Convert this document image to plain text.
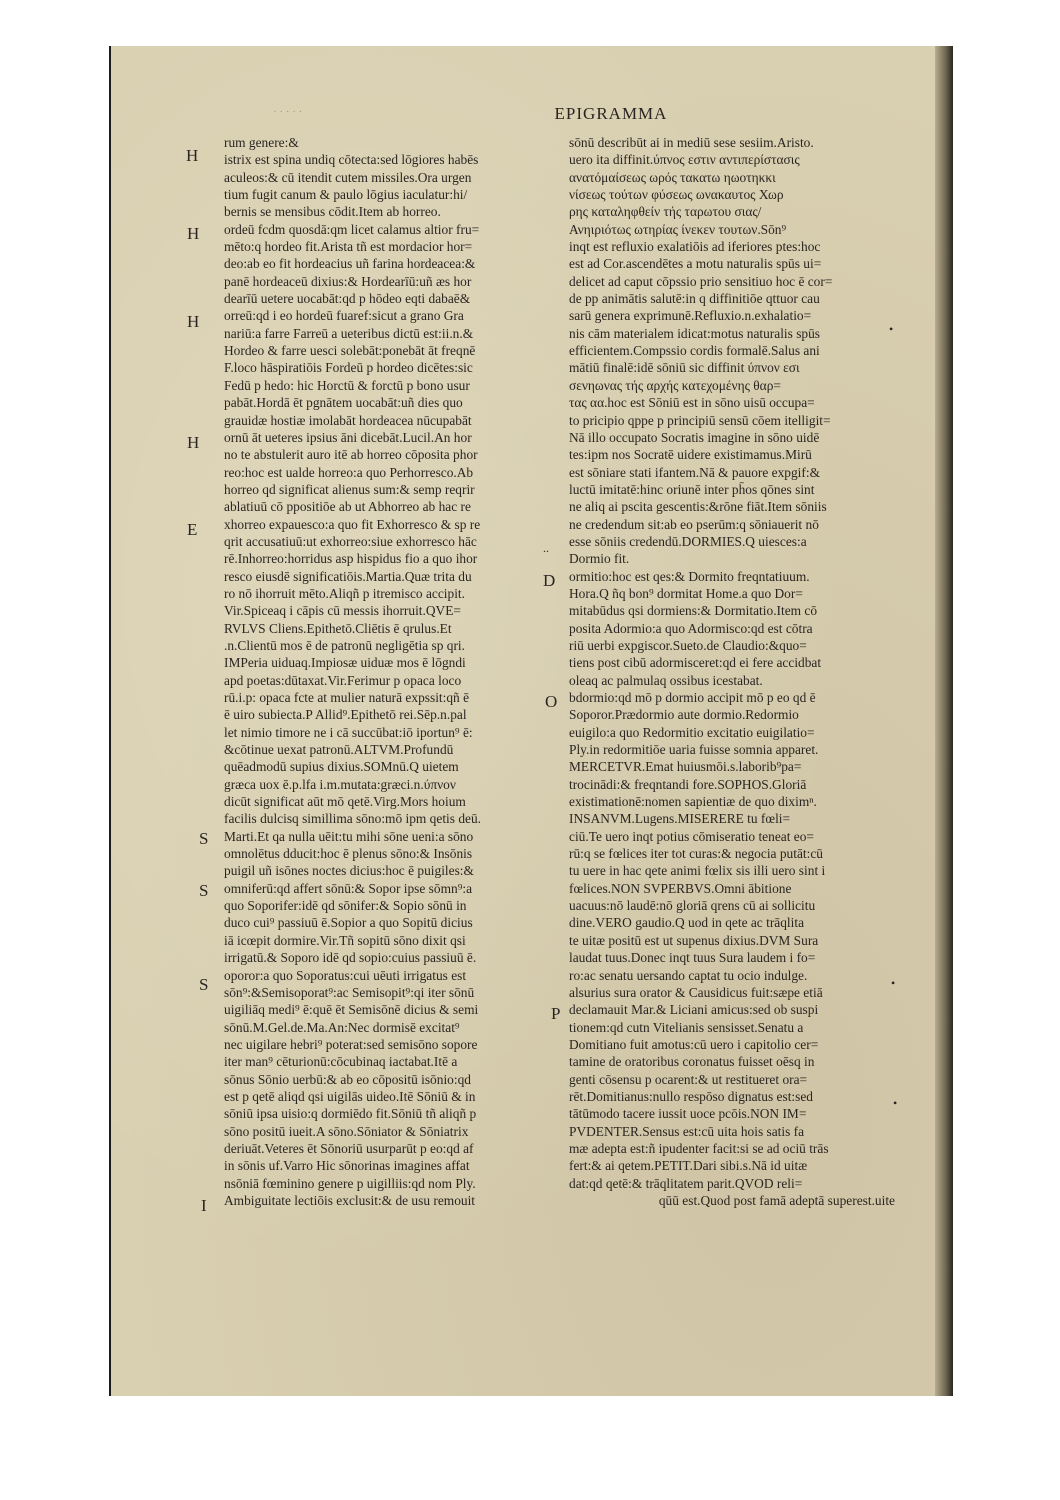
· · · · ·	EPIGRAMMA
H
H
H
H
E
S
S
S
I
D
O
P
..
•
•
•
rum genere:&
istrix est spina undiq cōtecta:sed lōgiores habēs
aculeos:& cū itendit cutem missiles.Ora urgen
tium fugit canum & paulo lōgius iaculatur:hi/
bernis se mensibus cōdit.Item ab horreo.
ordeū fcdm quosdā:qm licet calamus altior fru=
mēto:q hordeo fit.Arista tñ est mordacior hor=
deo:ab eo fit hordeacius uñ farina hordeacea:&
panē hordeaceū dixius:& Hordearīū:uñ æs hor
dearīū uetere uocabāt:qd p hōdeo eqti dabaē&
orreū:qd i eo hordeū fuaref:sicut a grano Gra
nariū:a farre Farreū a ueteribus dictū est:ii.n.&
Hordeo & farre uesci solebāt:ponebāt āt freqnē
F.loco hāspiratiōis Fordeū p hordeo dicētes:sic
Fedū p hedo: hic Horctū & forctū p bono usur
pabāt.Hordā ēt pgnātem uocabāt:uñ dies quo
grauidæ hostiæ imolabāt hordeacea nūcupabāt
ornū āt ueteres ipsius āni dicebāt.Lucil.An hor
no te abstulerit auro itē ab horreo cōposita phor
reo:hoc est ualde horreo:a quo Perhorresco.Ab
horreo qd significat alienus sum:& semp reqrir
ablatiuū cō ppositiōe ab ut Abhorreo ab hac re
xhorreo expauesco:a quo fit Exhorresco & sp re
qrit accusatiuū:ut exhorreo:siue exhorresco hāc
rē.Inhorreo:horridus asp hispidus fio a quo ihor
resco eiusdē significatiōis.Martia.Quæ trita du
ro nō ihorruit mēto.Aliqñ p itremisco accipit.
Vir.Spiceaq i cāpis cū messis ihorruit.QVE=
RVLVS Cliens.Epithetō.Cliētis ē qrulus.Et
.n.Clientū mos ē de patronū negligētia sp qri.
IMPeria uiduaq.Impiosæ uiduæ mos ē lōgndi
apd poetas:dūtaxat.Vir.Ferimur p opaca loco
rū.i.p: opaca fcte at mulier naturā expssit:qñ ē
ē uiro subiecta.P Allid⁹.Epithetō rei.Sēp.n.pal
let nimio timore ne i cā succūbat:iō iportun⁹ ē:
&cōtinue uexat patronū.ALTVM.Profundū
quēadmodū supius dixius.SOMnū.Q uietem
græca uox ē.p.lfa i.m.mutata:græci.n.ύπνον
dicūt significat aūt mō qetē.Virg.Mors hoium
facilis dulcisq simillima sōno:mō ipm qetis deū.
Marti.Et qa nulla uēit:tu mihi sōne ueni:a sōno
omnolētus dducit:hoc ē plenus sōno:& Insōnis
puigil uñ isōnes noctes dicius:hoc ē puigiles:&
omniferū:qd affert sōnū:& Sopor ipse sōmn⁹:a
quo Soporifer:idē qd sōnifer:& Sopio sōnū in
duco cui⁹ passiuū ē.Sopior a quo Sopitū dicius
iā icœpit dormire.Vir.Tñ sopitū sōno dixit qsi
irrigatū.& Soporo idē qd sopio:cuius passiuū ē.
oporor:a quo Soporatus:cui uēuti irrigatus est
sōn⁹:&Semisoporat⁹:ac Semisopit⁹:qi iter sōnū
uigiliāq medi⁹ ē:quē ēt Semisōnē dicius & semi
sōnū.M.Gel.de.Ma.An:Nec dormisē excitat⁹
nec uigilare hebri⁹ poterat:sed semisōno sopore
iter man⁹ cēturionū:cōcubinaq iactabat.Itē a
sōnus Sōnio uerbū:& ab eo cōpositū isōnio:qd
est p qetē aliqd qsi uigilās uideo.Itē Sōniū & in
sōniū ipsa uisio:q dormiēdo fit.Sōniū tñ aliqñ p
sōno positū iueit.A sōno.Sōniator & Sōniatrix
deriuāt.Veteres ēt Sōnoriū usurparūt p eo:qd af
in sōnis uf.Varro Hic sōnorinas imagines affat
nsōniā fœminino genere p uigilliis:qd nom Ply.
Ambiguitate lectiōis exclusit:& de usu remouit
sōnū describūt ai in mediū sese sesiim.Aristo.
uero ita diffinit.ύπνος εστιν αντιπερίστασις
ανατόμαίσεως ωρός τακατω ηωοτηκκι
νίσεως τούτων φύσεως ωνακαυτος Χωρ
ρης καταληφθείν τής ταρωτου σιας/
Ανηιριότως ωτηρίας ίνεκεν τουτων.Sōn⁹
inqt est refluxio exalatiōis ad iferiores ptes:hoc
est ad Cor.ascendētes a motu naturalis spūs ui=
delicet ad caput cōpssio prio sensitiuo hoc ē cor=
de pp animātis salutē:in q diffinitiōe qttuor cau
sarū genera exprimunē.Refluxio.n.exhalatio=
nis cām materialem idicat:motus naturalis spūs
efficientem.Compssio cordis formalē.Salus ani
mātiū finalē:idē sōniū sic diffinit ύπνον εσι
σενηωνας τής αρχής κατεχομένης θαρ=
τας αα.hoc est Sōniū est in sōno uisū occupa=
to pricipio qppe p principiū sensū cōem itelligit=
Nā illo occupato Socratis imagine in sōno uidē
tes:ipm nos Socratē uidere existimamus.Mirū
est sōniare stati ifantem.Nā & pauore expgif:&
luctū imitatē:hinc oriunē inter ph̄os qōnes sint
ne aliq ai pscita gescentis:&rōne fiāt.Item sōniis
ne credendum sit:ab eo pserūm:q sōniauerit nō
esse sōniis credendū.DORMIES.Q uiesces:a
Dormio fit.
ormitio:hoc est qes:& Dormito freqntatiuum.
Hora.Q ñq bon⁹ dormitat Home.a quo Dor=
mitabūdus qsi dormiens:& Dormitatio.Item cō
posita Adormio:a quo Adormisco:qd est cōtra
riū uerbi expgiscor.Sueto.de Claudio:&quo=
tiens post cibū adormisceret:qd ei fere accidbat
oleaq ac palmulaq ossibus icestabat.
bdormio:qd mō p dormio accipit mō p eo qd ē
Soporor.Prædormio aute dormio.Redormio
euigilo:a quo Redormitio excitatio euigilatio=
Ply.in redormitiōe uaria fuisse somnia apparet.
MERCETVR.Emat huiusmōi.s.laborib⁹pa=
trocinādi:& freqntandi fore.SOPHOS.Gloriā
existimationē:nomen sapientiæ de quo diximⁿ.
INSANVM.Lugens.MISERERE tu fœli=
ciū.Te uero inqt potius cōmiseratio teneat eo=
rū:q se fœlices iter tot curas:& negocia putāt:cū
tu uere in hac qete animi fœlix sis illi uero sint i
fœlices.NON SVPERBVS.Omni ābitione
uacuus:nō laudē:nō gloriā qrens cū ai sollicitu
dine.VERO gaudio.Q uod in qete ac trāqlita
te uitæ positū est ut supenus dixius.DVM Sura
laudat tuus.Donec inqt tuus Sura laudem i fo=
ro:ac senatu uersando captat tu ocio indulge.
alsurius sura orator & Causidicus fuit:sæpe etiā
declamauit Mar.& Liciani amicus:sed ob suspi
tionem:qd cutn Vitelianis sensisset.Senatu a
Domitiano fuit amotus:cū uero i capitolio cer=
tamine de oratoribus coronatus fuisset oēsq in
genti cōsensu p ocarent:& ut restitueret ora=
rēt.Domitianus:nullo respōso dignatus est:sed
tātūmodo tacere iussit uoce pcōis.NON IM=
PVDENTER.Sensus est:cū uita hois satis fa
mæ adepta est:ñ ipudenter facit:si se ad ociū trās
fert:& ai qetem.PETIT.Dari sibi.s.Nā id uitæ
dat:qd qetē:& trāqlitatem parit.QVOD reli=
qūū est.Quod post famā adeptā superest.uite
